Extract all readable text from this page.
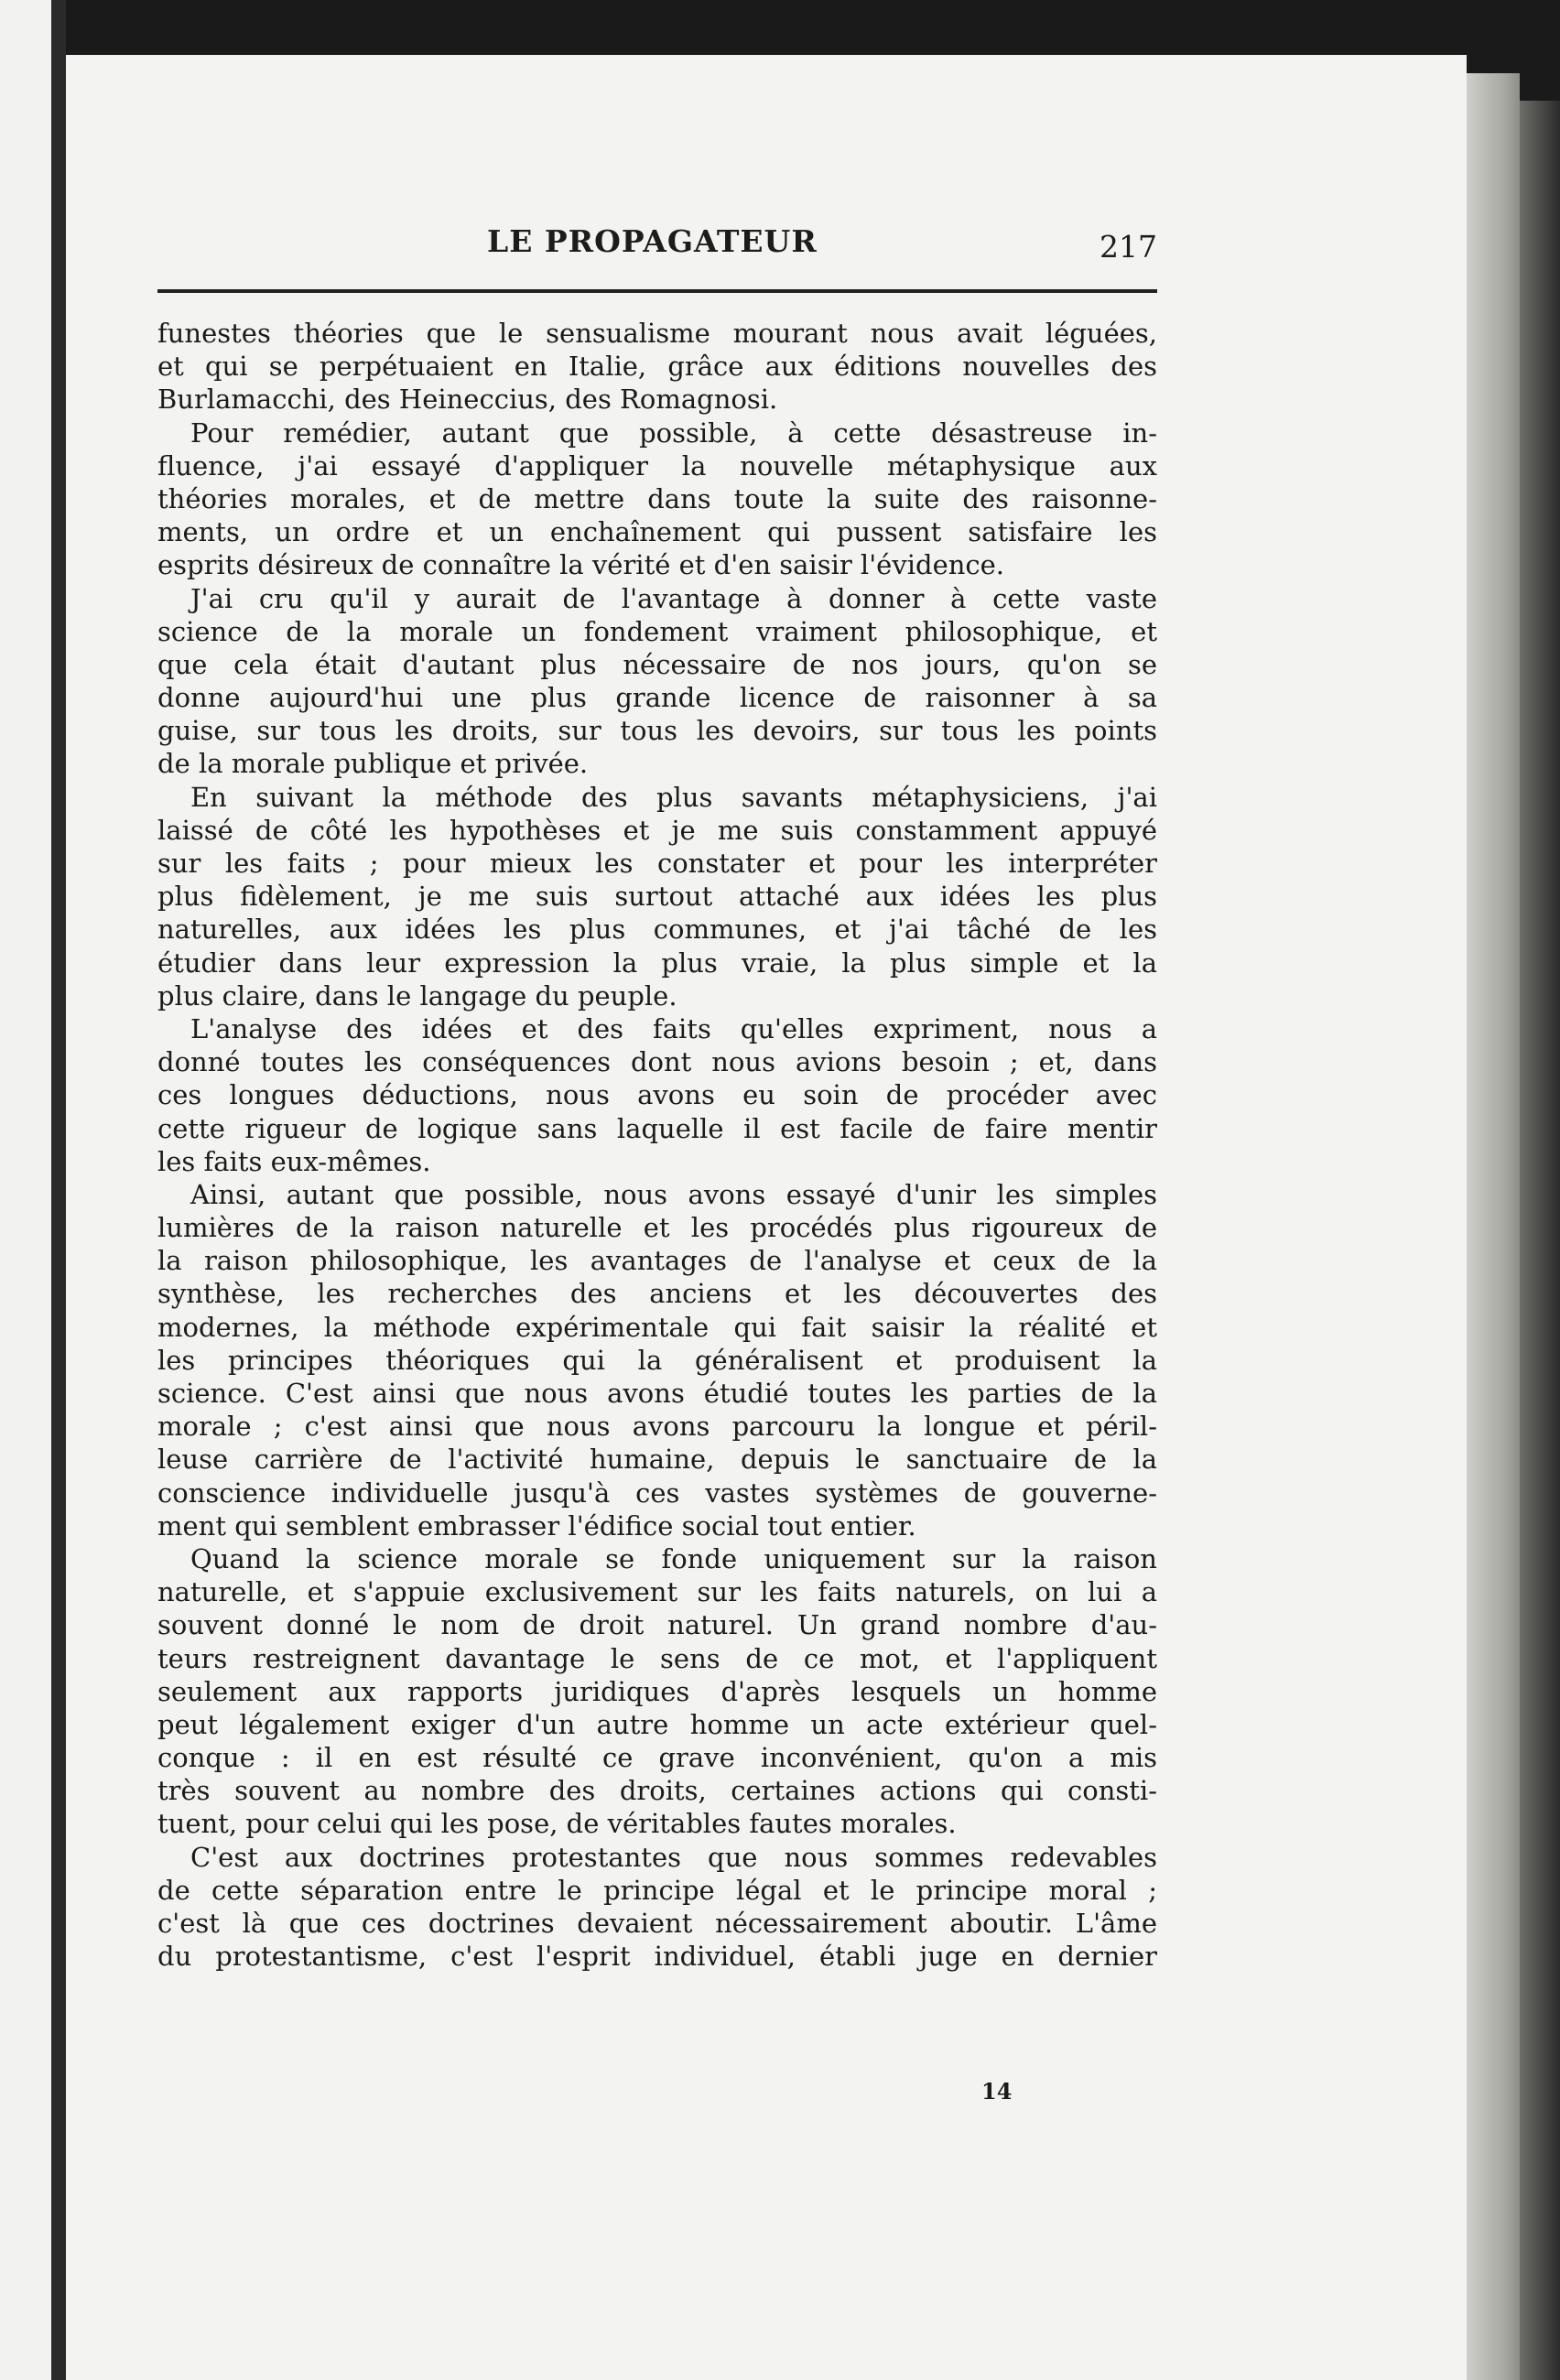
LE PROPAGATEUR	217
funestes théories que le sensualisme mourant nous avait léguées,
et qui se perpétuaient en Italie, grâce aux éditions nouvelles des
Burlamacchi, des Heineccius, des Romagnosi.
Pour remédier, autant que possible, à cette désastreuse in-
fluence, j'ai essayé d'appliquer la nouvelle métaphysique aux
théories morales, et de mettre dans toute la suite des raisonne-
ments, un ordre et un enchaînement qui pussent satisfaire les
esprits désireux de connaître la vérité et d'en saisir l'évidence.
J'ai cru qu'il y aurait de l'avantage à donner à cette vaste
science de la morale un fondement vraiment philosophique, et
que cela était d'autant plus nécessaire de nos jours, qu'on se
donne aujourd'hui une plus grande licence de raisonner à sa
guise, sur tous les droits, sur tous les devoirs, sur tous les points
de la morale publique et privée.
En suivant la méthode des plus savants métaphysiciens, j'ai
laissé de côté les hypothèses et je me suis constamment appuyé
sur les faits ; pour mieux les constater et pour les interpréter
plus fidèlement, je me suis surtout attaché aux idées les plus
naturelles, aux idées les plus communes, et j'ai tâché de les
étudier dans leur expression la plus vraie, la plus simple et la
plus claire, dans le langage du peuple.
L'analyse des idées et des faits qu'elles expriment, nous a
donné toutes les conséquences dont nous avions besoin ; et, dans
ces longues déductions, nous avons eu soin de procéder avec
cette rigueur de logique sans laquelle il est facile de faire mentir
les faits eux-mêmes.
Ainsi, autant que possible, nous avons essayé d'unir les simples
lumières de la raison naturelle et les procédés plus rigoureux de
la raison philosophique, les avantages de l'analyse et ceux de la
synthèse, les recherches des anciens et les découvertes des
modernes, la méthode expérimentale qui fait saisir la réalité et
les principes théoriques qui la généralisent et produisent la
science. C'est ainsi que nous avons étudié toutes les parties de la
morale ; c'est ainsi que nous avons parcouru la longue et péril-
leuse carrière de l'activité humaine, depuis le sanctuaire de la
conscience individuelle jusqu'à ces vastes systèmes de gouverne-
ment qui semblent embrasser l'édifice social tout entier.
Quand la science morale se fonde uniquement sur la raison
naturelle, et s'appuie exclusivement sur les faits naturels, on lui a
souvent donné le nom de droit naturel. Un grand nombre d'au-
teurs restreignent davantage le sens de ce mot, et l'appliquent
seulement aux rapports juridiques d'après lesquels un homme
peut légalement exiger d'un autre homme un acte extérieur quel-
conque : il en est résulté ce grave inconvénient, qu'on a mis
très souvent au nombre des droits, certaines actions qui consti-
tuent, pour celui qui les pose, de véritables fautes morales.
C'est aux doctrines protestantes que nous sommes redevables
de cette séparation entre le principe légal et le principe moral ;
c'est là que ces doctrines devaient nécessairement aboutir. L'âme
du protestantisme, c'est l'esprit individuel, établi juge en dernier
14
